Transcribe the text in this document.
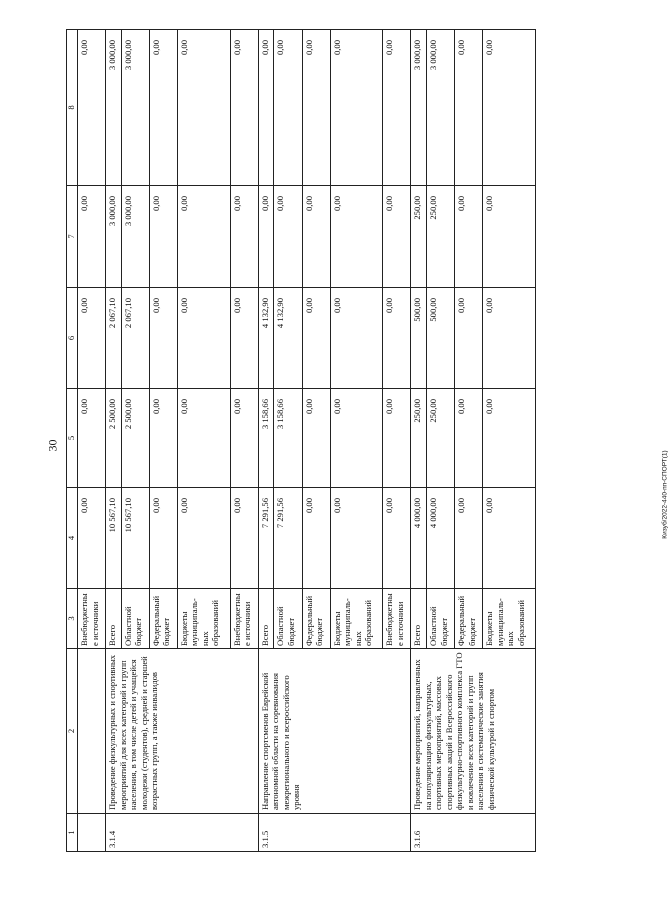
30
Кизуб/2022-440-пп-СПОРТ(1)
1	2	3	4	5	6	7	8
		Внебюджетные источники	0,00	0,00	0,00	0,00	0,00
3.1.4	Проведение физкультурных и спортивных мероприятий для всех категорий и групп населения, в том числе детей и учащейся молодежи (студентов), средней и старшей возрастных групп, а также инвалидов	Всего	10 567,10	2 500,00	2 067,10	3 000,00	3 000,00
		Областной бюджет	10 567,10	2 500,00	2 067,10	3 000,00	3 000,00
		Федеральный бюджет	0,00	0,00	0,00	0,00	0,00
		Бюджеты муниципаль-ных образований	0,00	0,00	0,00	0,00	0,00
		Внебюджетные источники	0,00	0,00	0,00	0,00	0,00
3.1.5	Направление спортсменов Еврейской автономной области на соревнования межрегионального и всероссийского уровня	Всего	7 291,56	3 158,66	4 132,90	0,00	0,00
		Областной бюджет	7 291,56	3 158,66	4 132,90	0,00	0,00
		Федеральный бюджет	0,00	0,00	0,00	0,00	0,00
		Бюджеты муниципаль-ных образований	0,00	0,00	0,00	0,00	0,00
		Внебюджетные источники	0,00	0,00	0,00	0,00	0,00
3.1.6	Проведение мероприятий, направленных на популяризацию физкультурных, спортивных мероприятий, массовых спортивных акций и Всероссийского физкультурно-спортивного комплекса ГТО и вовлечение всех категорий и групп населения в систематические занятия физической культурой и спортом	Всего	4 000,00	250,00	500,00	250,00	3 000,00
		Областной бюджет	4 000,00	250,00	500,00	250,00	3 000,00
		Федеральный бюджет	0,00	0,00	0,00	0,00	0,00
		Бюджеты муниципаль-ных образований	0,00	0,00	0,00	0,00	0,00
